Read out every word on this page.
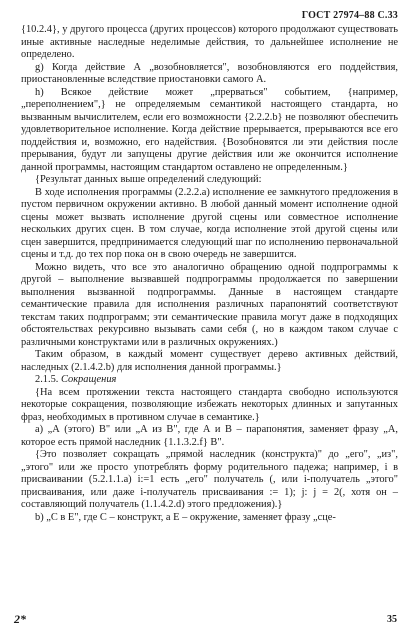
ГОСТ 27974–88 С.33

{10.2.4}, у другого процесса (других процессов) которого продолжают существовать иные активные наследные неделимые действия, то дальнейшее исполнение не определено.

g) Когда действие А „возобновляется", возобновляются его поддействия, приостановленные вследствие приостановки самого А.

h) Всякое действие может „прерваться" событием, {например, „переполнением",} не определяемым семантикой настоящего стандарта, но вызванным вычислителем, если его возможности {2.2.2.b} не позволяют обеспечить удовлетворительное исполнение. Когда действие прерывается, прерываются все его поддействия и, возможно, его надействия. {Возобновятся ли эти действия после прерывания, будут ли запущены другие действия или же окончится исполнение данной программы, настоящим стандартом оставлено не определенным.}

{Результат данных выше определений следующий:

В ходе исполнения программы (2.2.2.а) исполнение ее замкнутого предложения в пустом первичном окружении активно. В любой данный момент исполнение одной сцены может вызвать исполнение другой сцены или совместное исполнение нескольких других сцен. В том случае, когда исполнение этой другой сцены или сцен завершится, предпринимается следующий шаг по исполнению первоначальной сцены и т.д. до тех пор пока он в свою очередь не завершится.

Можно видеть, что все это аналогично обращению одной подпрограммы к другой – выполнение вызвавшей подпрограммы продолжается по завершении выполнения вызванной подпрограммы. Данные в настоящем стандарте семантические правила для исполнения различных парапонятий соответствуют текстам таких подпрограмм; эти семантические правила могут даже в подходящих обстоятельствах рекурсивно вызывать сами себя (, но в каждом таком случае с различными конструктами или в различных окружениях.)

Таким образом, в каждый момент существует дерево активных действий, наследных (2.1.4.2.b) для исполнения данной программы.}

2.1.5. Сокращения

{На всем протяжении текста настоящего стандарта свободно используются некоторые сокращения, позволяющие избежать некоторых длинных и запутанных фраз, необходимых в противном случае в семантике.}

а) „А (этого) В" или „А из В", где А и В – парапонятия, заменяет фразу „А, которое есть прямой наследник {1.1.3.2.f} В".

{Это позволяет сокращать „прямой наследник (конструкта)" до „его", „из", „этого" или же просто употреблять форму родительного падежа; например, i в присваивании (5.2.1.1.а) i:=1 есть „его" получатель (, или i-получатель „этого" присваивания, или даже i-получатель присваивания := 1); j: j = 2(, хотя он – составляющий получатель (1.1.4.2.d) этого предложения).}

b) „С в Е", где С – конструкт, а Е – окружение, заменяет фразу „сце-

2*	35
